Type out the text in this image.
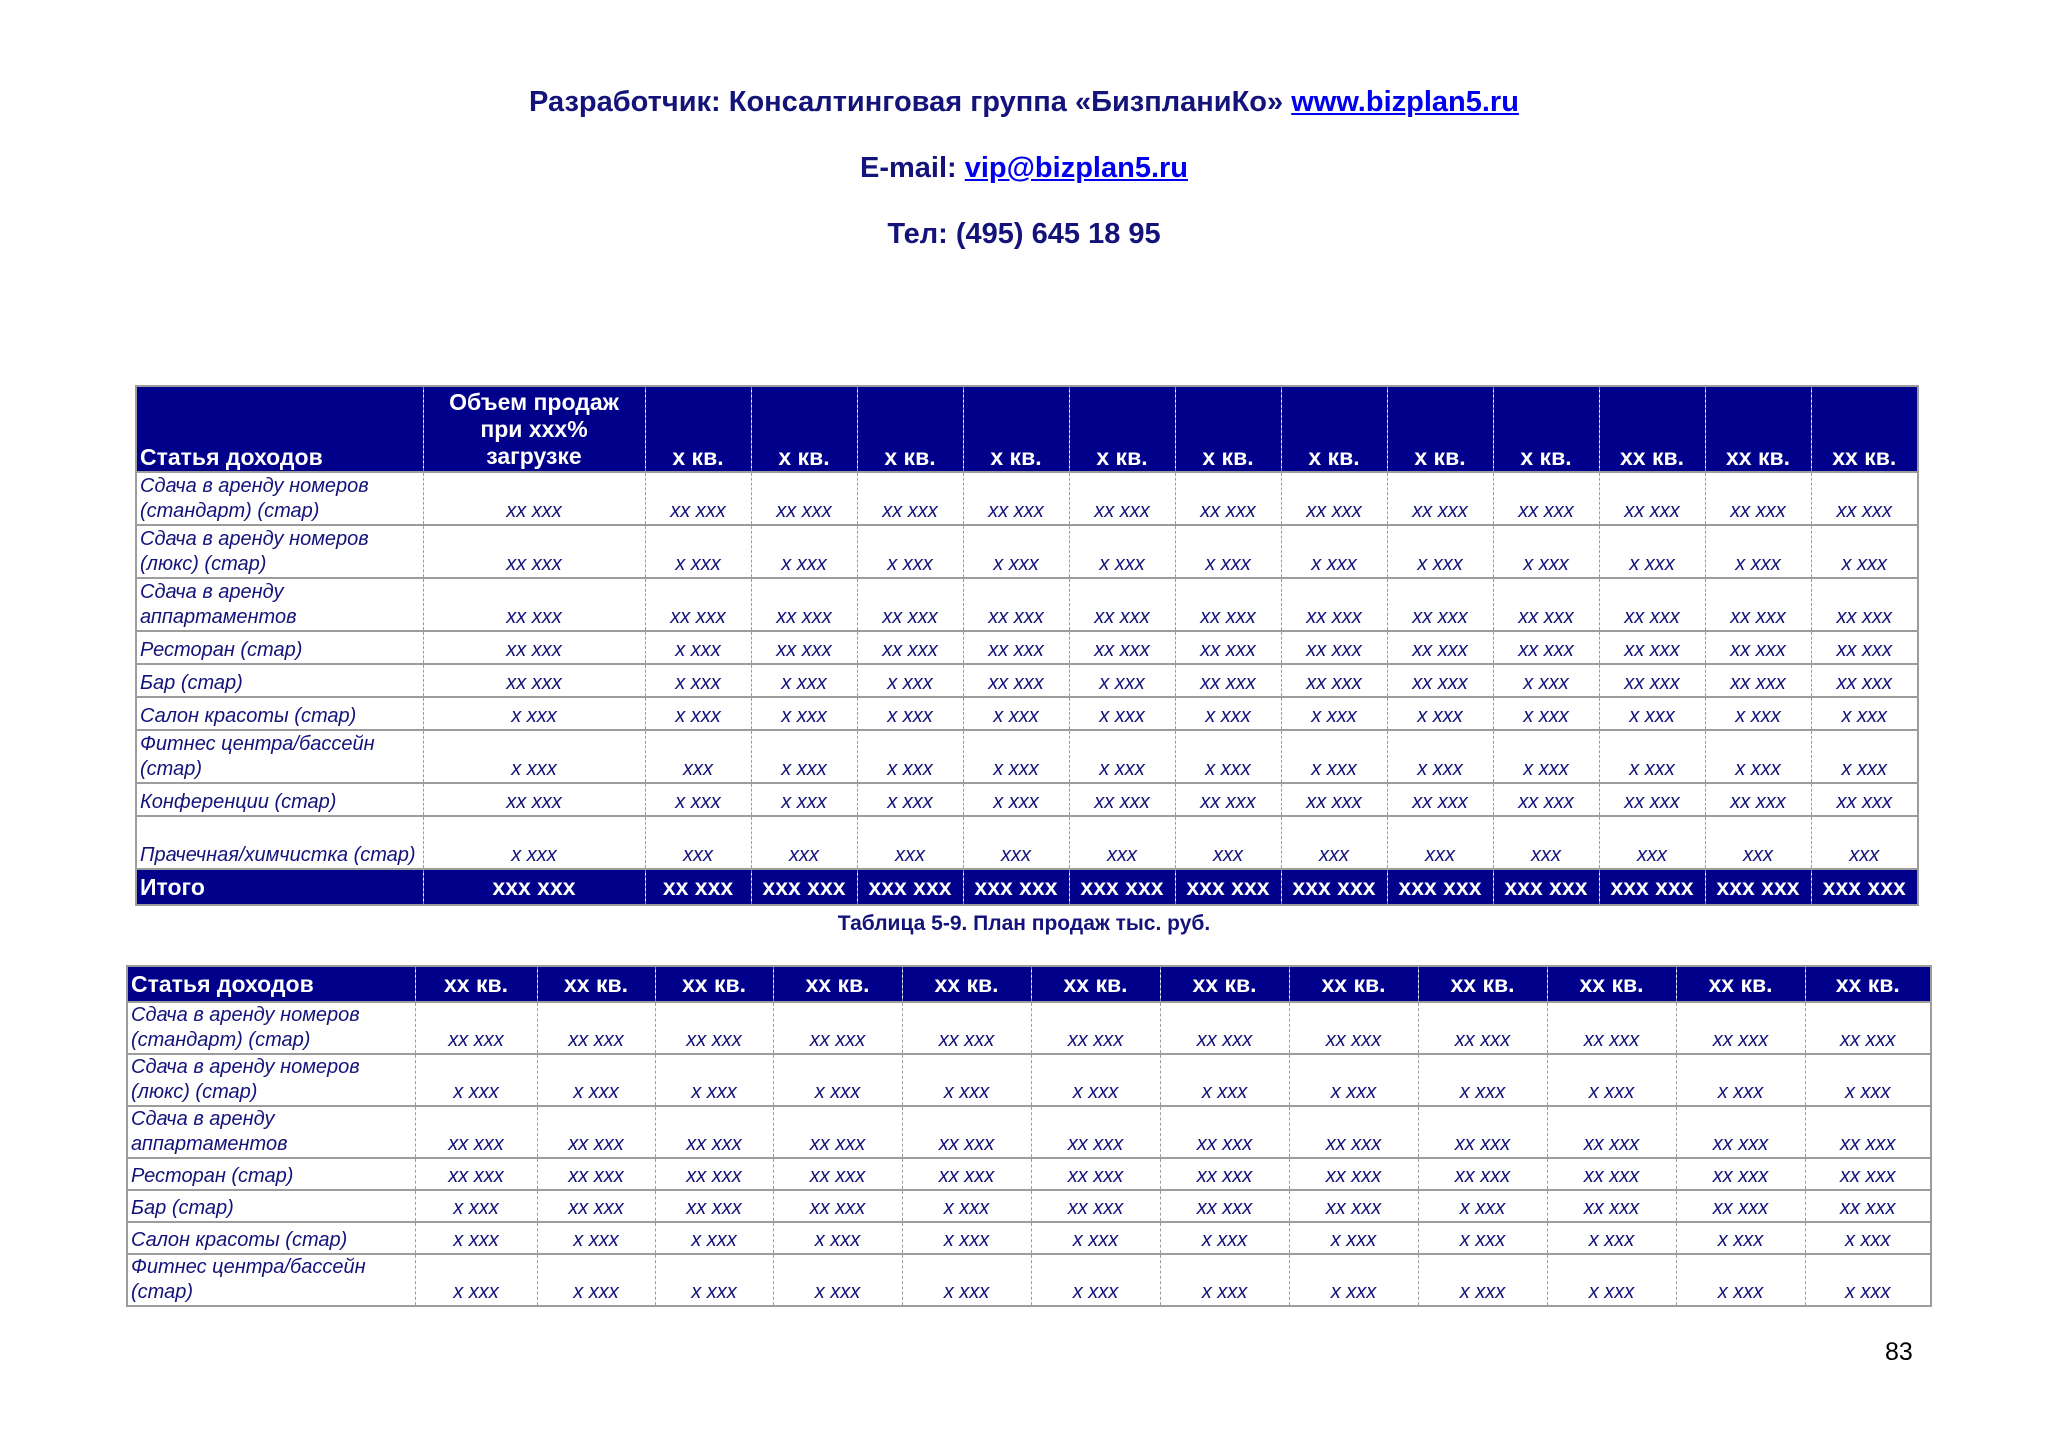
Разработчик: Консалтинговая группа «БизпланиКо» www.bizplan5.ru
E-mail: vip@bizplan5.ru
Тел: (495) 645 18 95
Статья доходов	Объем продаж при xxx% загрузке	x кв.	x кв.	x кв.	x кв.	x кв.	x кв.	x кв.	x кв.	x кв.	xx кв.	xx кв.	xx кв.
Сдача в аренду номеров (стандарт) (стар)	xx xxx	xx xxx	xx xxx	xx xxx	xx xxx	xx xxx	xx xxx	xx xxx	xx xxx	xx xxx	xx xxx	xx xxx	xx xxx
Сдача в аренду номеров (люкс) (стар)	xx xxx	x xxx	x xxx	x xxx	x xxx	x xxx	x xxx	x xxx	x xxx	x xxx	x xxx	x xxx	x xxx
Сдача в аренду аппартаментов	xx xxx	xx xxx	xx xxx	xx xxx	xx xxx	xx xxx	xx xxx	xx xxx	xx xxx	xx xxx	xx xxx	xx xxx	xx xxx
Ресторан (стар)	xx xxx	x xxx	xx xxx	xx xxx	xx xxx	xx xxx	xx xxx	xx xxx	xx xxx	xx xxx	xx xxx	xx xxx	xx xxx
Бар (стар)	xx xxx	x xxx	x xxx	x xxx	xx xxx	x xxx	xx xxx	xx xxx	xx xxx	x xxx	xx xxx	xx xxx	xx xxx
Салон красоты (стар)	x xxx	x xxx	x xxx	x xxx	x xxx	x xxx	x xxx	x xxx	x xxx	x xxx	x xxx	x xxx	x xxx
Фитнес центра/бассейн (стар)	x xxx	xxx	x xxx	x xxx	x xxx	x xxx	x xxx	x xxx	x xxx	x xxx	x xxx	x xxx	x xxx
Конференции (стар)	xx xxx	x xxx	x xxx	x xxx	x xxx	xx xxx	xx xxx	xx xxx	xx xxx	xx xxx	xx xxx	xx xxx	xx xxx
Прачечная/химчистка (стар)	x xxx	xxx	xxx	xxx	xxx	xxx	xxx	xxx	xxx	xxx	xxx	xxx	xxx
Итого	xxx xxx	xx xxx	xxx xxx	xxx xxx	xxx xxx	xxx xxx	xxx xxx	xxx xxx	xxx xxx	xxx xxx	xxx xxx	xxx xxx	xxx xxx
Таблица 5-9. План продаж тыс. руб.
Статья доходов	xx кв.	xx кв.	xx кв.	xx кв.	xx кв.	xx кв.	xx кв.	xx кв.	xx кв.	xx кв.	xx кв.	xx кв.
Сдача в аренду номеров (стандарт) (стар)	xx xxx	xx xxx	xx xxx	xx xxx	xx xxx	xx xxx	xx xxx	xx xxx	xx xxx	xx xxx	xx xxx	xx xxx
Сдача в аренду номеров (люкс) (стар)	x xxx	x xxx	x xxx	x xxx	x xxx	x xxx	x xxx	x xxx	x xxx	x xxx	x xxx	x xxx
Сдача в аренду аппартаментов	xx xxx	xx xxx	xx xxx	xx xxx	xx xxx	xx xxx	xx xxx	xx xxx	xx xxx	xx xxx	xx xxx	xx xxx
Ресторан (стар)	xx xxx	xx xxx	xx xxx	xx xxx	xx xxx	xx xxx	xx xxx	xx xxx	xx xxx	xx xxx	xx xxx	xx xxx
Бар (стар)	x xxx	xx xxx	xx xxx	xx xxx	x xxx	xx xxx	xx xxx	xx xxx	x xxx	xx xxx	xx xxx	xx xxx
Салон красоты (стар)	x xxx	x xxx	x xxx	x xxx	x xxx	x xxx	x xxx	x xxx	x xxx	x xxx	x xxx	x xxx
Фитнес центра/бассейн (стар)	x xxx	x xxx	x xxx	x xxx	x xxx	x xxx	x xxx	x xxx	x xxx	x xxx	x xxx	x xxx
83
